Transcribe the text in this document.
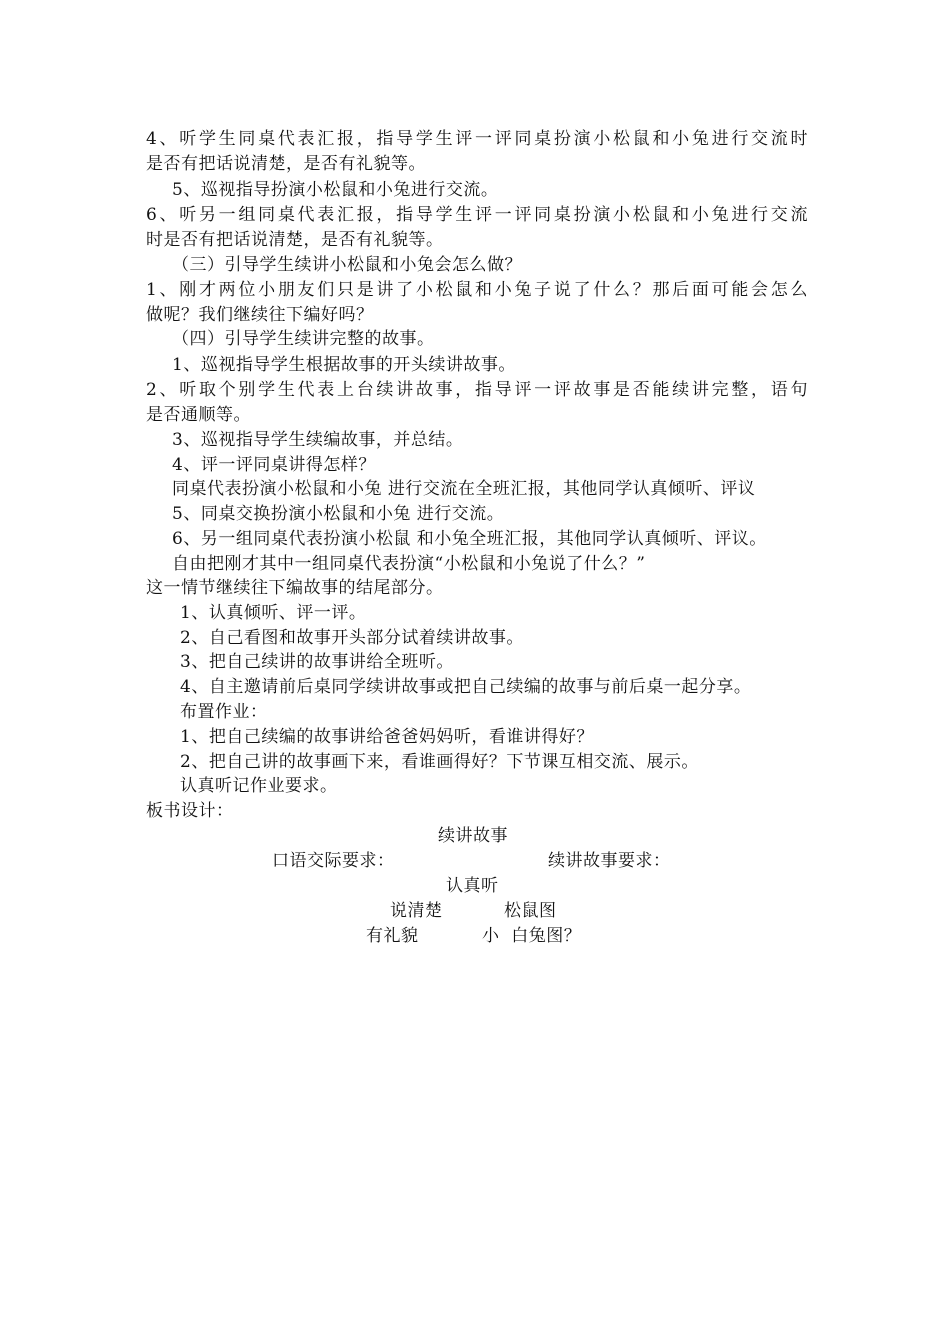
4、听学生同桌代表汇报，指导学生评一评同桌扮演小松鼠和小兔进行交流时
是否有把话说清楚，是否有礼貌等。
5、巡视指导扮演小松鼠和小兔进行交流。
6、听另一组同桌代表汇报，指导学生评一评同桌扮演小松鼠和小兔进行交流
时是否有把话说清楚，是否有礼貌等。
（三）引导学生续讲小松鼠和小兔会怎么做？
1、刚才两位小朋友们只是讲了小松鼠和小兔子说了什么？那后面可能会怎么
做呢？我们继续往下编好吗？
（四）引导学生续讲完整的故事。
1、巡视指导学生根据故事的开头续讲故事。
2、听取个别学生代表上台续讲故事，指导评一评故事是否能续讲完整，语句
是否通顺等。
3、巡视指导学生续编故事，并总结。
4、评一评同桌讲得怎样？
同桌代表扮演小松鼠和小兔 进行交流在全班汇报，其他同学认真倾听、评议
5、同桌交换扮演小松鼠和小兔 进行交流。
6、另一组同桌代表扮演小松鼠 和小兔全班汇报，其他同学认真倾听、评议。
自由把刚才其中一组同桌代表扮演“小松鼠和小兔说了什么？”
这一情节继续往下编故事的结尾部分。
1、认真倾听、评一评。
2、自己看图和故事开头部分试着续讲故事。
3、把自己续讲的故事讲给全班听。
4、自主邀请前后桌同学续讲故事或把自己续编的故事与前后桌一起分享。
布置作业：
1、把自己续编的故事讲给爸爸妈妈听，看谁讲得好？
2、把自己讲的故事画下来，看谁画得好？下节课互相交流、展示。
认真听记作业要求。
板书设计：
续讲故事
口语交际要求：	续讲故事要求：
认真听
说清楚	松鼠图
有礼貌	小  白兔图？
